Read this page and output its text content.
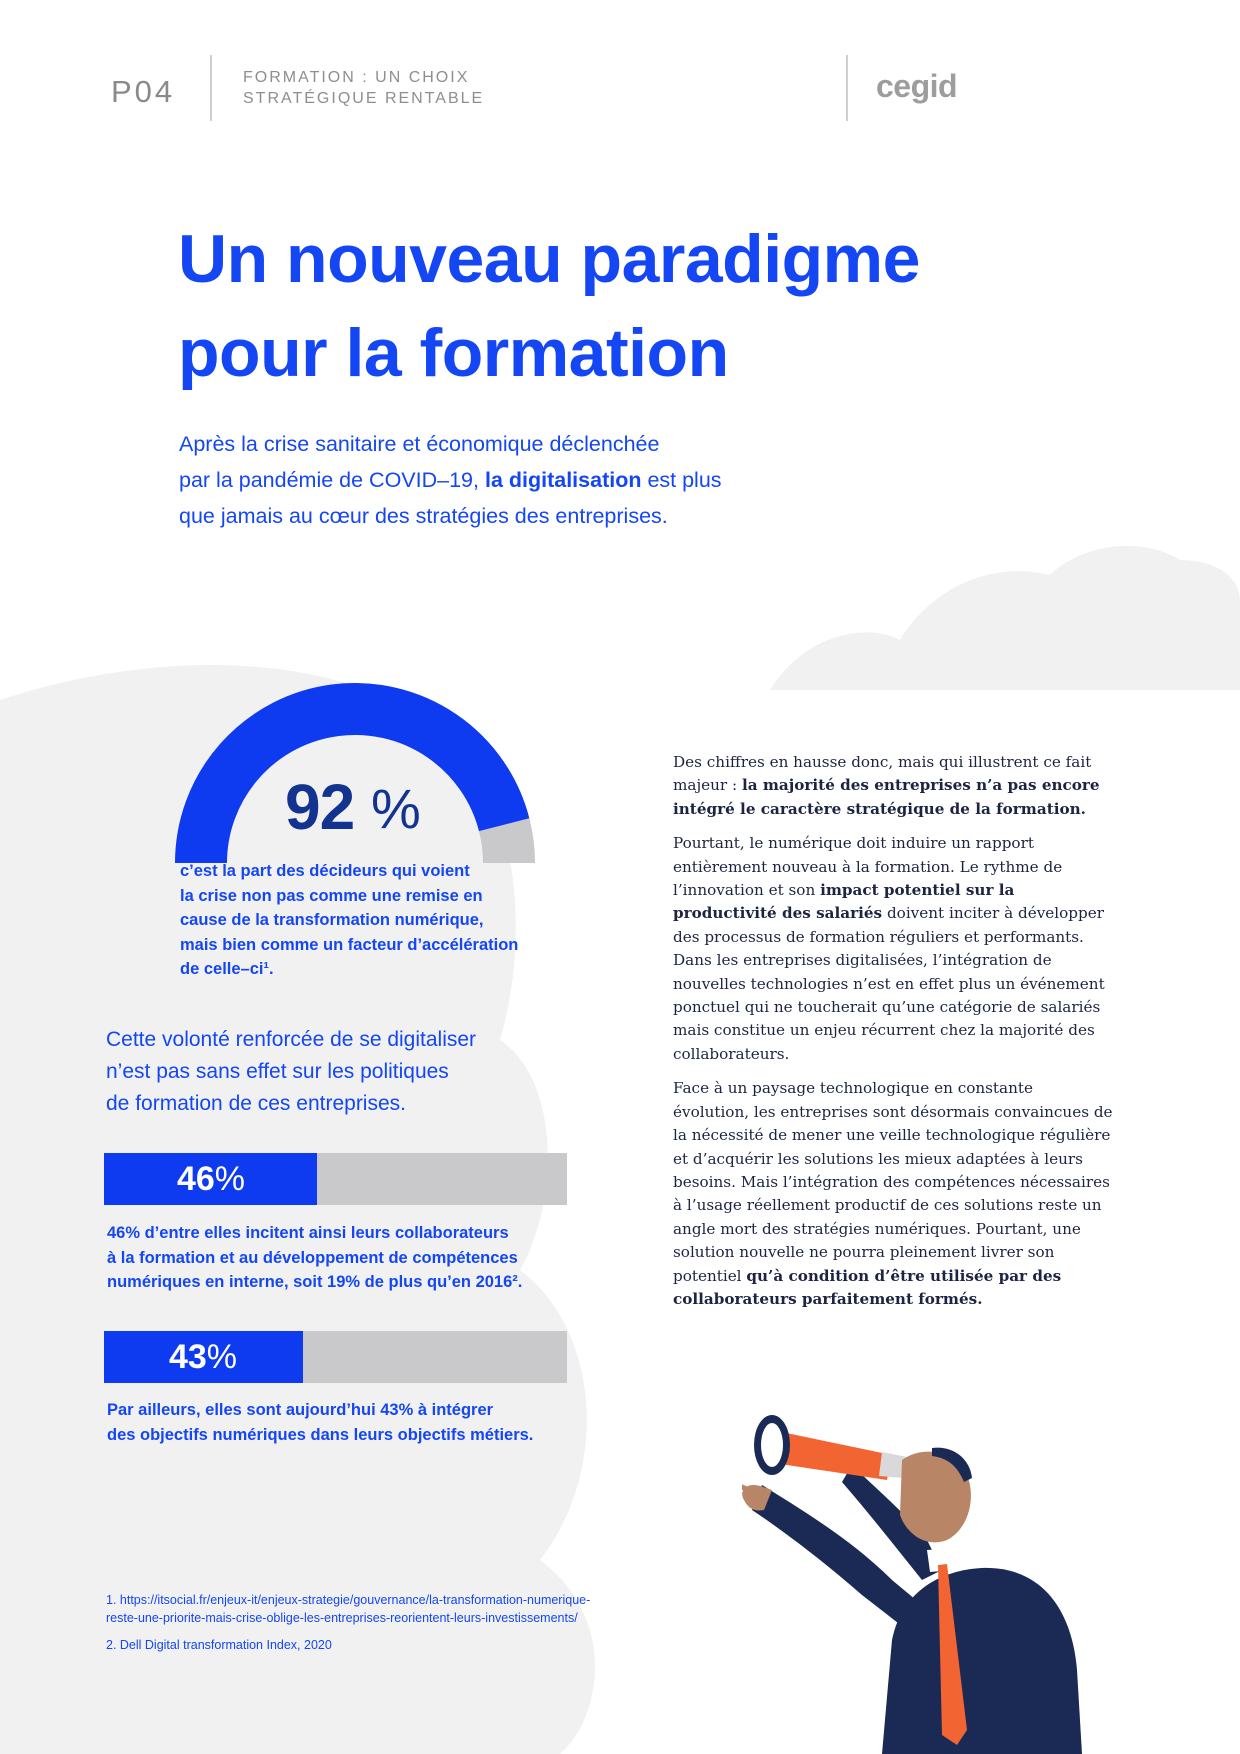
P04	FORMATION : UN CHOIX
STRATÉGIQUE RENTABLE	cegid
Un nouveau paradigme
pour la formation
Après la crise sanitaire et économique déclenchée
par la pandémie de COVID–19, la digitalisation est plus
que jamais au cœur des stratégies des entreprises.
92 %
c’est la part des décideurs qui voient
la crise non pas comme une remise en
cause de la transformation numérique,
mais bien comme un facteur d’accélération
de celle–ci¹.
Cette volonté renforcée de se digitaliser
n’est pas sans effet sur les politiques
de formation de ces entreprises.
46%
46% d’entre elles incitent ainsi leurs collaborateurs
à la formation et au développement de compétences
numériques en interne, soit 19% de plus qu’en 2016².
43%
Par ailleurs, elles sont aujourd’hui 43% à intégrer
des objectifs numériques dans leurs objectifs métiers.

1. https://itsocial.fr/enjeux-it/enjeux-strategie/gouvernance/la-transformation-numerique-
reste-une-priorite-mais-crise-oblige-les-entreprises-reorientent-leurs-investissements/

2. Dell Digital transformation Index, 2020

Des chiffres en hausse donc, mais qui illustrent ce fait majeur : la majorité des entreprises n’a pas encore intégré le caractère stratégique de la formation.

Pourtant, le numérique doit induire un rapport entièrement nouveau à la formation. Le rythme de l’innovation et son impact potentiel sur la productivité des salariés doivent inciter à développer des processus de formation réguliers et performants. Dans les entreprises digitalisées, l’intégration de nouvelles technologies n’est en effet plus un événement ponctuel qui ne toucherait qu’une catégorie de salariés mais constitue un enjeu récurrent chez la majorité des collaborateurs.

Face à un paysage technologique en constante évolution, les entreprises sont désormais convaincues de la nécessité de mener une veille technologique régulière et d’acquérir les solutions les mieux adaptées à leurs besoins. Mais l’intégration des compétences nécessaires à l’usage réellement productif de ces solutions reste un angle mort des stratégies numériques. Pourtant, une solution nouvelle ne pourra pleinement livrer son potentiel qu’à condition d’être utilisée par des collaborateurs parfaitement formés.
